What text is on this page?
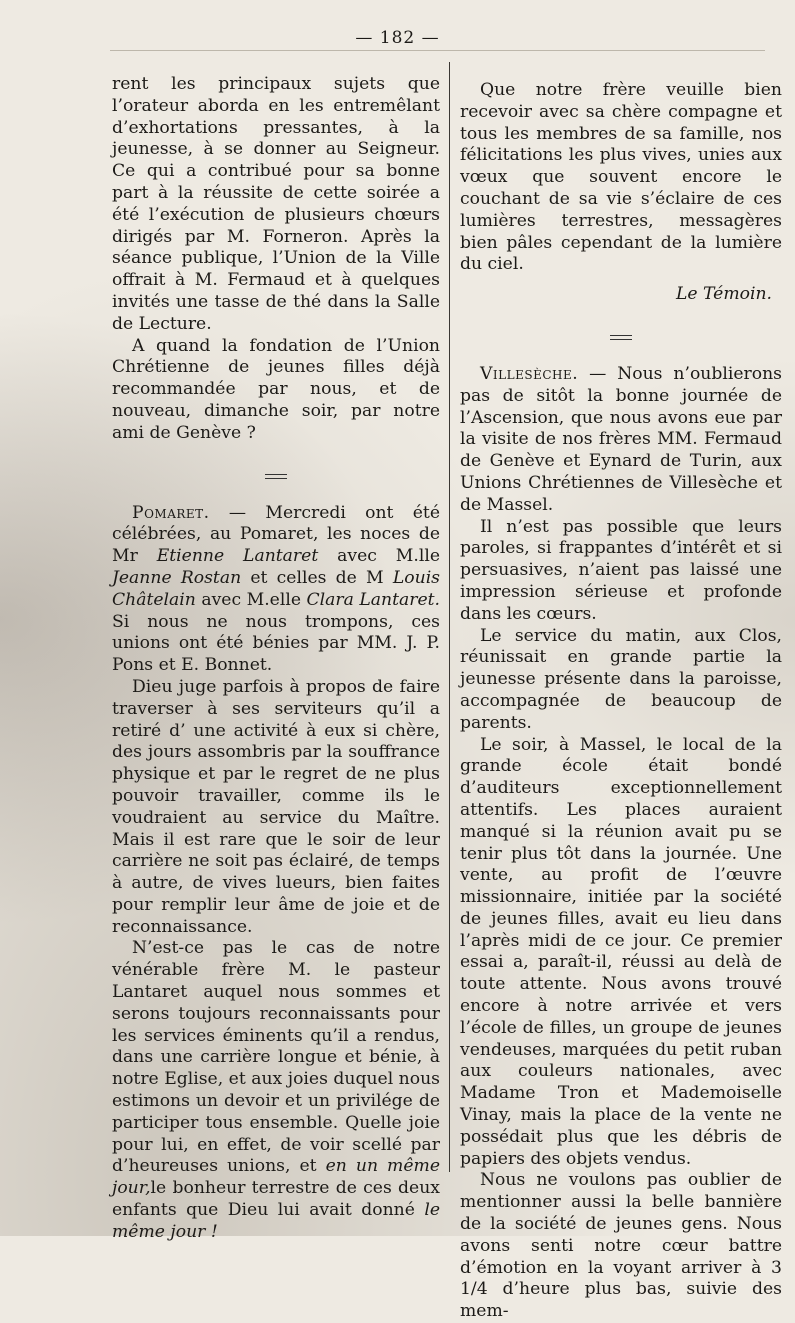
— 182 —

rent les principaux sujets que l’orateur aborda en les entremêlant d’exhortations pressantes, à la jeunesse, à se donner au Seigneur. Ce qui a contribué pour sa bonne part à la réussite de cette soirée a été l’exécution de plusieurs chœurs dirigés par M. Forneron. Après la séance publique, l’Union de la Ville offrait à M. Fermaud et à quelques invités une tasse de thé dans la Salle de Lecture.

A quand la fondation de l’Union Chrétienne de jeunes filles déjà recommandée par nous, et de nouveau, dimanche soir, par notre ami de Genève ?

Pomaret. — Mercredi ont été célébrées, au Pomaret, les noces de Mr Etienne Lantaret avec M.lle Jeanne Rostan et celles de M Louis Châtelain avec M.elle Clara Lantaret. Si nous ne nous trompons, ces unions ont été bénies par MM. J. P. Pons et E. Bonnet.

Dieu juge parfois à propos de faire traverser à ses serviteurs qu’il a retiré d’ une activité à eux si chère, des jours assombris par la souffrance physique et par le regret de ne plus pouvoir travailler, comme ils le voudraient au service du Maître. Mais il est rare que le soir de leur carrière ne soit pas éclairé, de temps à autre, de vives lueurs, bien faites pour remplir leur âme de joie et de reconnaissance.

N’est-ce pas le cas de notre vénérable frère M. le pasteur Lantaret auquel nous sommes et serons toujours reconnaissants pour les services éminents qu’il a rendus, dans une carrière longue et bénie, à notre Eglise, et aux joies duquel nous estimons un devoir et un privilége de participer tous ensemble. Quelle joie pour lui, en effet, de voir scellé par d’heureuses unions, et en un même jour,le bonheur terrestre de ces deux enfants que Dieu lui avait donné le même jour !

Que notre frère veuille bien recevoir avec sa chère compagne et tous les membres de sa famille, nos félicitations les plus vives, unies aux vœux que souvent encore le couchant de sa vie s’éclaire de ces lumières terrestres, messagères bien pâles cependant de la lumière du ciel.

Le Témoin.

Villesèche. — Nous n’oublierons pas de sitôt la bonne journée de l’Ascension, que nous avons eue par la visite de nos frères MM. Fermaud de Genève et Eynard de Turin, aux Unions Chrétiennes de Villesèche et de Massel.

Il n’est pas possible que leurs paroles, si frappantes d’intérêt et si persuasives, n’aient pas laissé une impression sérieuse et profonde dans les cœurs.

Le service du matin, aux Clos, réunissait en grande partie la jeunesse présente dans la paroisse, accompagnée de beaucoup de parents.

Le soir, à Massel, le local de la grande école était bondé d’auditeurs exceptionnellement attentifs. Les places auraient manqué si la réunion avait pu se tenir plus tôt dans la journée. Une vente, au profit de l’œuvre missionnaire, initiée par la société de jeunes filles, avait eu lieu dans l’après midi de ce jour. Ce premier essai a, paraît-il, réussi au delà de toute attente. Nous avons trouvé encore à notre arrivée et vers l’école de filles, un groupe de jeunes vendeuses, marquées du petit ruban aux couleurs nationales, avec Madame Tron et Mademoiselle Vinay, mais la place de la vente ne possédait plus que les débris de papiers des objets vendus.

Nous ne voulons pas oublier de mentionner aussi la belle bannière de la société de jeunes gens. Nous avons senti notre cœur battre d’émotion en la voyant arriver à 3 1/4 d’heure plus bas, suivie des mem-
